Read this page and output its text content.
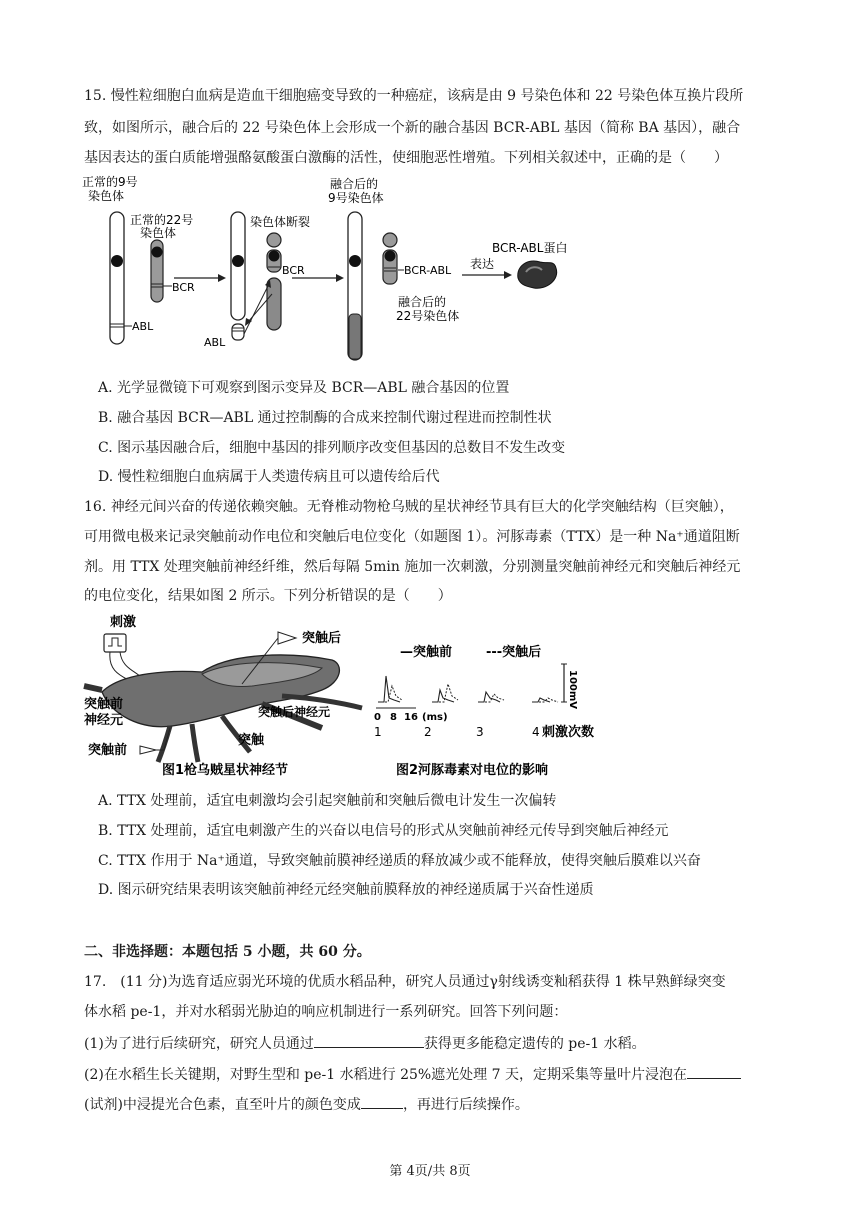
15. 慢性粒细胞白血病是造血干细胞癌变导致的一种癌症，该病是由 9 号染色体和 22 号染色体互换片段所
致，如图所示，融合后的 22 号染色体上会形成一个新的融合基因 BCR-ABL 基因（简称 BA 基因），融合
基因表达的蛋白质能增强酪氨酸蛋白激酶的活性，使细胞恶性增殖。下列相关叙述中，正确的是（　　）
正常的9号
染色体
正常的22号
染色体
染色体断裂
BCR
ABL
BCR
ABL
融合后的
9号染色体
BCR-ABL
融合后的
22号染色体
表达
BCR-ABL蛋白
A. 光学显微镜下可观察到图示变异及 BCR—ABL 融合基因的位置
B. 融合基因 BCR—ABL 通过控制酶的合成来控制代谢过程进而控制性状
C. 图示基因融合后，细胞中基因的排列顺序改变但基因的总数目不发生改变
D. 慢性粒细胞白血病属于人类遗传病且可以遗传给后代
16. 神经元间兴奋的传递依赖突触。无脊椎动物枪乌贼的星状神经节具有巨大的化学突触结构（巨突触），
可用微电极来记录突触前动作电位和突触后电位变化（如题图 1）。河豚毒素（TTX）是一种 Na⁺通道阻断
剂。用 TTX 处理突触前神经纤维，然后每隔 5min 施加一次刺激，分别测量突触前神经元和突触后神经元
的电位变化，结果如图 2 所示。下列分析错误的是（　　）
刺激
突触后
突触前
神经元
突触后神经元
突触
突触前
图1枪乌贼星状神经节
—突触前	---突触后
100mV
0 8 16 (ms)
1	2	3	4 刺激次数
图2河豚毒素对电位的影响
A. TTX 处理前，适宜电刺激均会引起突触前和突触后微电计发生一次偏转
B. TTX 处理前，适宜电刺激产生的兴奋以电信号的形式从突触前神经元传导到突触后神经元
C. TTX 作用于 Na⁺通道，导致突触前膜神经递质的释放减少或不能释放，使得突触后膜难以兴奋
D. 图示研究结果表明该突触前神经元经突触前膜释放的神经递质属于兴奋性递质
二、非选择题：本题包括 5 小题，共 60 分。
17.　(11 分)为选育适应弱光环境的优质水稻品种，研究人员通过γ射线诱变籼稻获得 1 株早熟鲜绿突变
体水稻 pe-1，并对水稻弱光胁迫的响应机制进行一系列研究。回答下列问题：
(1)为了进行后续研究，研究人员通过	获得更多能稳定遗传的 pe-1 水稻。
(2)在水稻生长关键期，对野生型和 pe-1 水稻进行 25%遮光处理 7 天，定期采集等量叶片浸泡在
(试剂)中浸提光合色素，直至叶片的颜色变成	，再进行后续操作。
第 4页/共 8页
